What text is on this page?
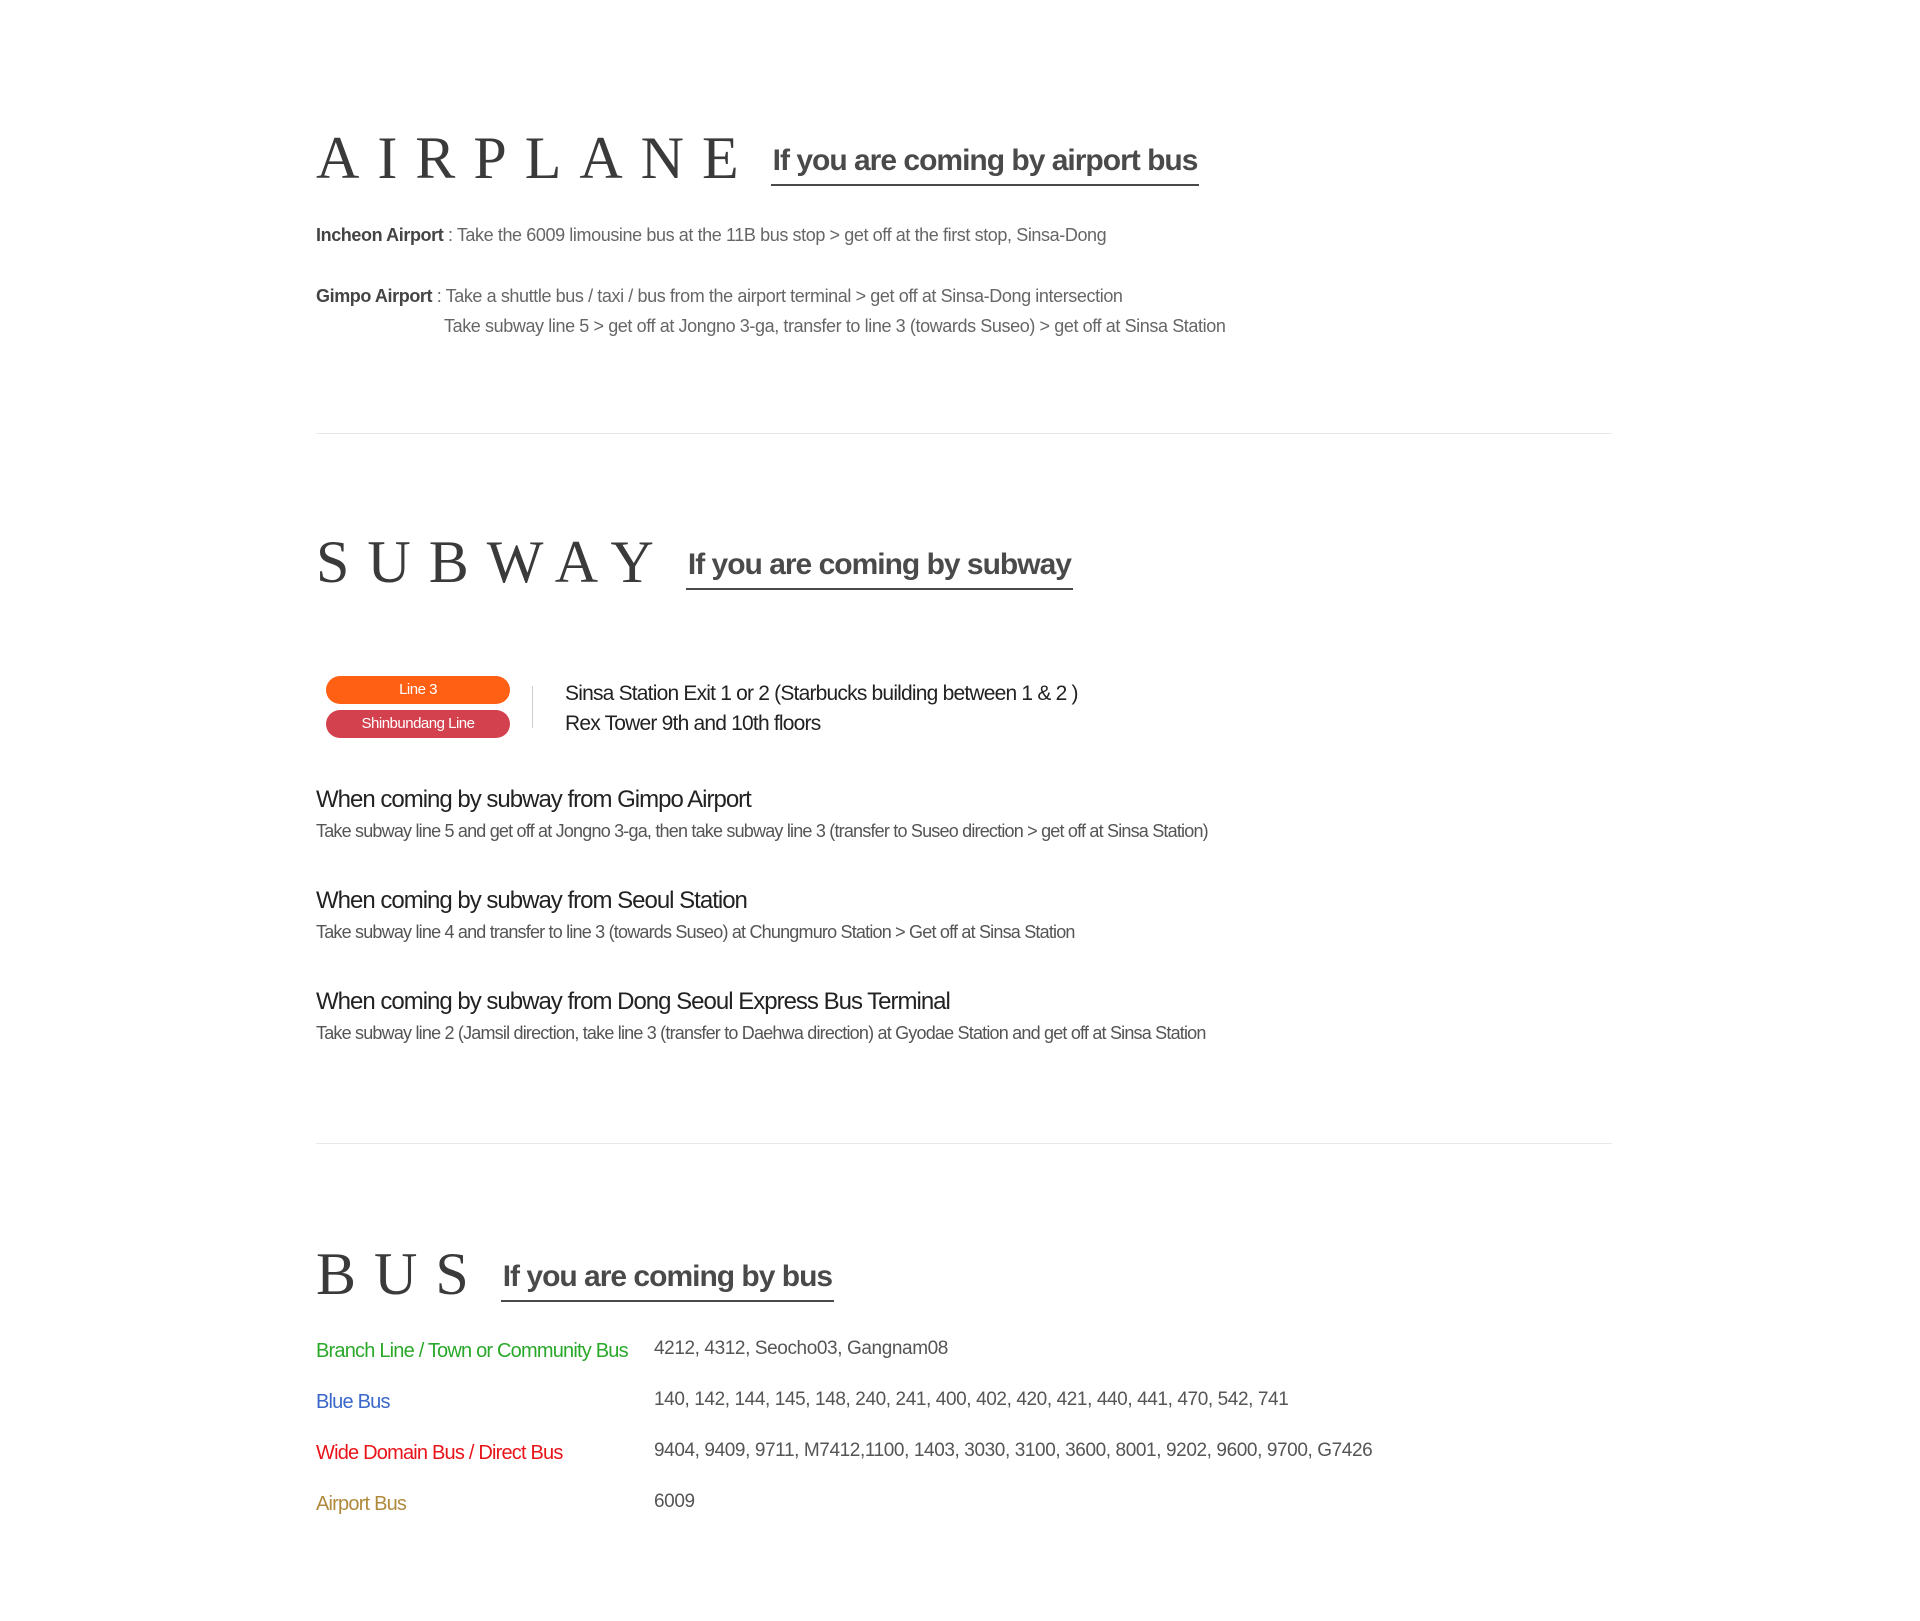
AIRPLANE If you are coming by airport bus
Incheon Airport : Take the 6009 limousine bus at the 11B bus stop > get off at the first stop, Sinsa-Dong
Gimpo Airport : Take a shuttle bus / taxi / bus from the airport terminal > get off at Sinsa-Dong intersection
Take subway line 5 > get off at Jongno 3-ga, transfer to line 3 (towards Suseo) > get off at Sinsa Station
SUBWAY If you are coming by subway
Line 3
Shinbundang Line
Sinsa Station Exit 1 or 2 (Starbucks building between 1 & 2 )
Rex Tower 9th and 10th floors
When coming by subway from Gimpo Airport
Take subway line 5 and get off at Jongno 3-ga, then take subway line 3 (transfer to Suseo direction > get off at Sinsa Station)
When coming by subway from Seoul Station
Take subway line 4 and transfer to line 3 (towards Suseo) at Chungmuro Station > Get off at Sinsa Station
When coming by subway from Dong Seoul Express Bus Terminal
Take subway line 2 (Jamsil direction, take line 3 (transfer to Daehwa direction) at Gyodae Station and get off at Sinsa Station
BUS If you are coming by bus
Branch Line / Town or Community Bus 4212, 4312, Seocho03, Gangnam08
Blue Bus	140, 142, 144, 145, 148, 240, 241, 400, 402, 420, 421, 440, 441, 470, 542, 741
Wide Domain Bus / Direct Bus	9404, 9409, 9711, M7412,1100, 1403, 3030, 3100, 3600, 8001, 9202, 9600, 9700, G7426
Airport Bus	6009
